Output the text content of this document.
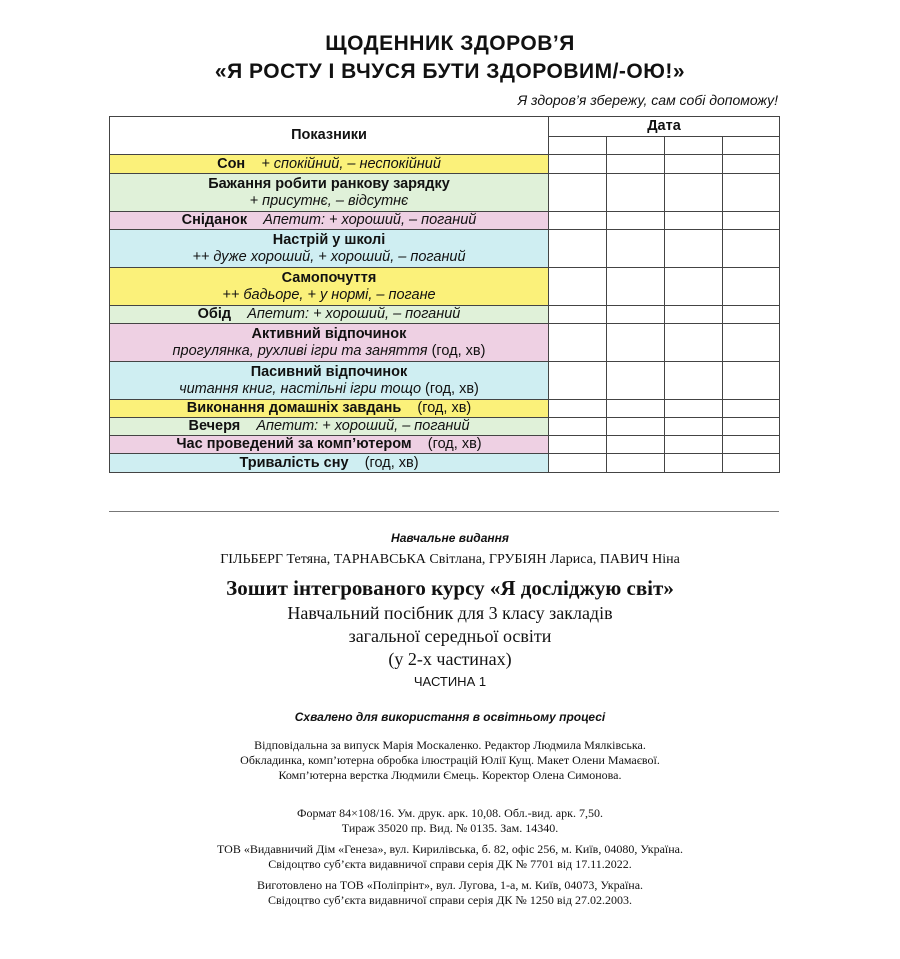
ЩОДЕННИК ЗДОРОВ’Я
«Я РОСТУ І ВЧУСЯ БУТИ ЗДОРОВИМ/-ОЮ!»
Я здоров’я збережу, сам собі допоможу!
Показники	Дата			

Сон + спокійний, – неспокійний				
Бажання робити ранкову зарядку
+ присутнє, – відсутнє				
Сніданок Апетит: + хороший, – поганий				
Настрій у школі
++ дуже хороший, + хороший, – поганий				
Самопочуття
++ бадьоре, + у нормі, – погане				
Обід Апетит: + хороший, – поганий				
Активний відпочинок
прогулянка, рухливі ігри та заняття (год, хв)				
Пасивний відпочинок
читання книг, настільні ігри тощо (год, хв)				
Виконання домашніх завдань (год, хв)				
Вечеря Апетит: + хороший, – поганий				
Час проведений за комп’ютером (год, хв)				
Тривалість сну (год, хв)				
Навчальне видання
ГІЛЬБЕРГ Тетяна, ТАРНАВСЬКА Світлана, ГРУБІЯН Лариса, ПАВИЧ Ніна
Зошит інтегрованого курсу «Я досліджую світ»
Навчальний посібник для 3 класу закладів
загальної середньої освіти
(у 2-х частинах)
ЧАСТИНА 1
Схвалено для використання в освітньому процесі
Відповідальна за випуск Марія Москаленко. Редактор Людмила Мялківська.
Обкладинка, комп’ютерна обробка ілюстрацій Юлії Кущ. Макет Олени Мамаєвої.
Комп’ютерна верстка Людмили Ємець. Коректор Олена Симонова.
Формат 84×108/16. Ум. друк. арк. 10,08. Обл.-вид. арк. 7,50.
Тираж 35020 пр. Вид. № 0135. Зам. 14340.
ТОВ «Видавничий Дім «Генеза», вул. Кирилівська, б. 82, офіс 256, м. Київ, 04080, Україна.
Свідоцтво суб’єкта видавничої справи серія ДК № 7701 від 17.11.2022.
Виготовлено на ТОВ «Поліпрінт», вул. Лугова, 1-а, м. Київ, 04073, Україна.
Свідоцтво суб’єкта видавничої справи серія ДК № 1250 від 27.02.2003.
